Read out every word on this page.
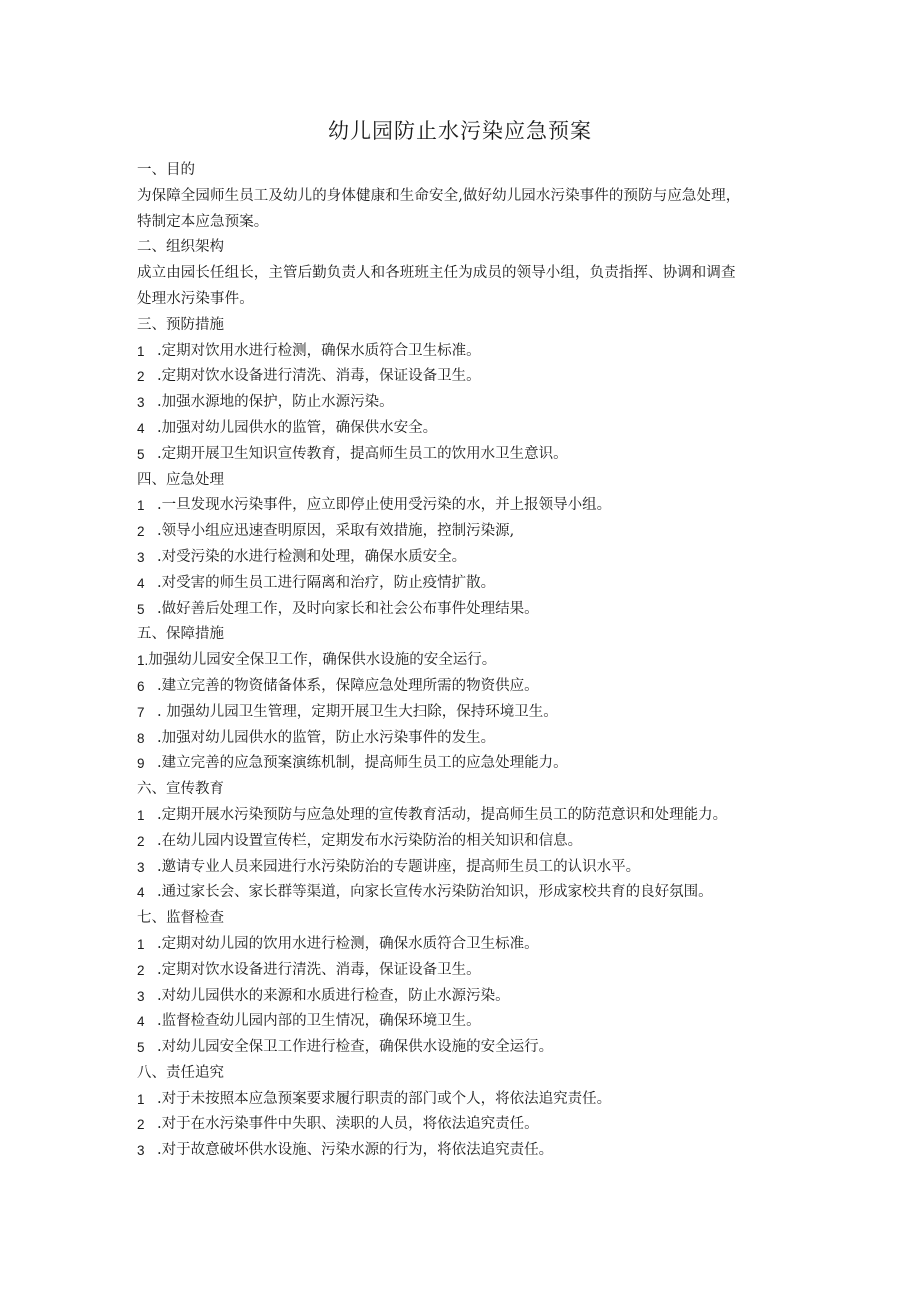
幼儿园防止水污染应急预案
一、目的
为保障全园师生员工及幼儿的身体健康和生命安全,做好幼儿园水污染事件的预防与应急处理，
特制定本应急预案。
二、组织架构
成立由园长任组长，主管后勤负责人和各班班主任为成员的领导小组，负责指挥、协调和调查
处理水污染事件。
三、预防措施
1 .定期对饮用水进行检测，确保水质符合卫生标准。
2 .定期对饮水设备进行清洗、消毒，保证设备卫生。
3 .加强水源地的保护，防止水源污染。
4 .加强对幼儿园供水的监管，确保供水安全。
5 .定期开展卫生知识宣传教育，提高师生员工的饮用水卫生意识。
四、应急处理
1 .一旦发现水污染事件，应立即停止使用受污染的水，并上报领导小组。
2 .领导小组应迅速查明原因，采取有效措施，控制污染源,
3 .对受污染的水进行检测和处理，确保水质安全。
4 .对受害的师生员工进行隔离和治疗，防止疫情扩散。
5 .做好善后处理工作，及时向家长和社会公布事件处理结果。
五、保障措施
1. 加强幼儿园安全保卫工作，确保供水设施的安全运行。
6 .建立完善的物资储备体系，保障应急处理所需的物资供应。
7 . 加强幼儿园卫生管理，定期开展卫生大扫除，保持环境卫生。
8 .加强对幼儿园供水的监管，防止水污染事件的发生。
9 .建立完善的应急预案演练机制，提高师生员工的应急处理能力。
六、宣传教育
1 .定期开展水污染预防与应急处理的宣传教育活动，提高师生员工的防范意识和处理能力。
2 .在幼儿园内设置宣传栏，定期发布水污染防治的相关知识和信息。
3 .邀请专业人员来园进行水污染防治的专题讲座，提高师生员工的认识水平。
4 .通过家长会、家长群等渠道，向家长宣传水污染防治知识，形成家校共育的良好氛围。
七、监督检查
1 .定期对幼儿园的饮用水进行检测，确保水质符合卫生标准。
2 .定期对饮水设备进行清洗、消毒，保证设备卫生。
3 .对幼儿园供水的来源和水质进行检查，防止水源污染。
4 .监督检查幼儿园内部的卫生情况，确保环境卫生。
5 .对幼儿园安全保卫工作进行检查，确保供水设施的安全运行。
八、责任追究
1 .对于未按照本应急预案要求履行职责的部门或个人，将依法追究责任。
2 .对于在水污染事件中失职、渎职的人员，将依法追究责任。
3 .对于故意破坏供水设施、污染水源的行为，将依法追究责任。
